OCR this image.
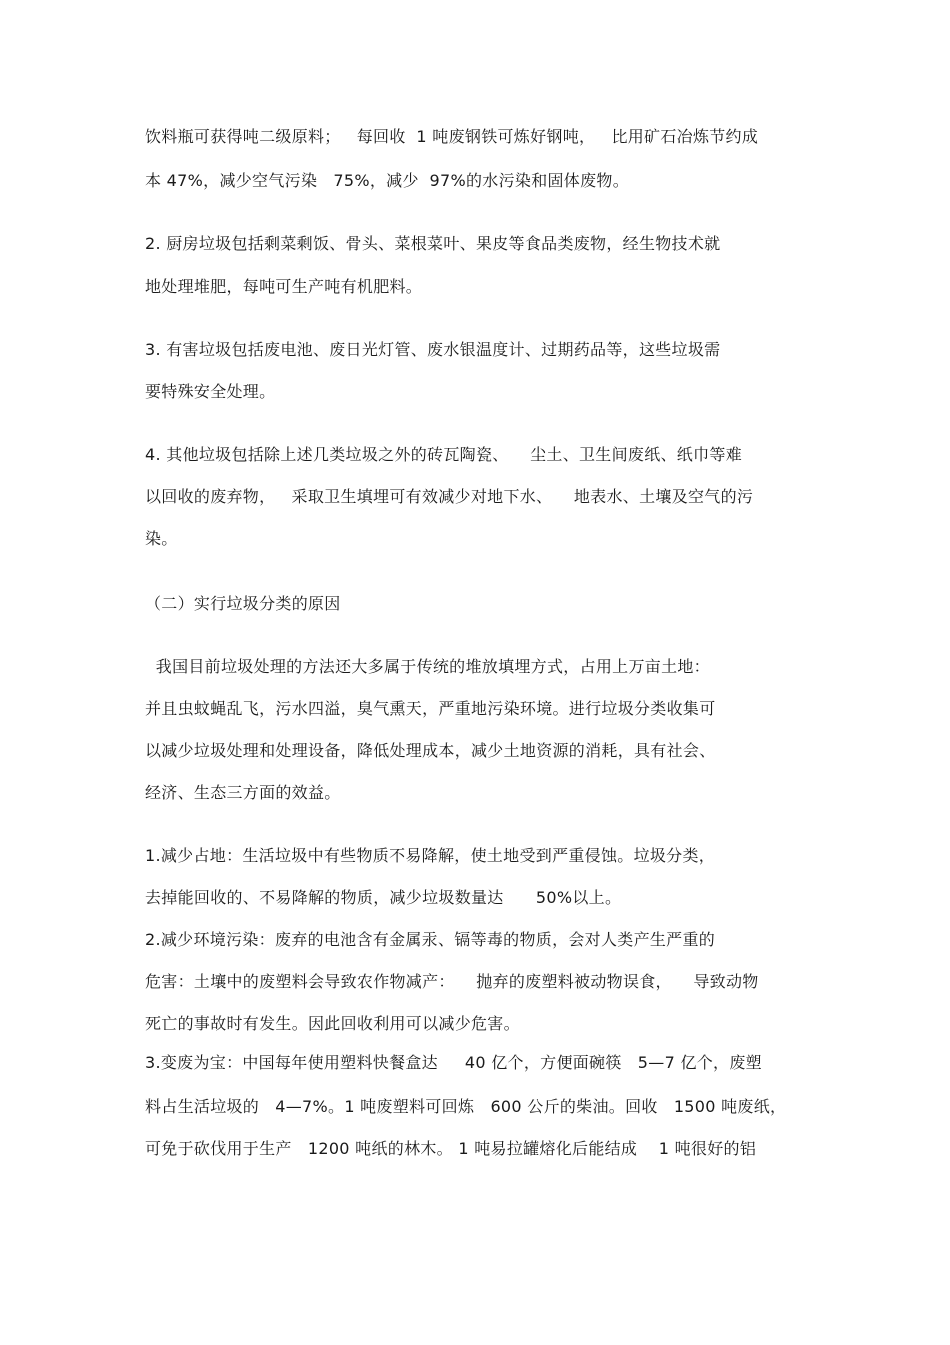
饮料瓶可获得吨二级原料；   每回收  1 吨废钢铁可炼好钢吨，   比用矿石冶炼节约成
本 47%，减少空气污染   75%，减少  97%的水污染和固体废物。
2. 厨房垃圾包括剩菜剩饭、骨头、菜根菜叶、果皮等食品类废物，经生物技术就
地处理堆肥，每吨可生产吨有机肥料。
3. 有害垃圾包括废电池、废日光灯管、废水银温度计、过期药品等，这些垃圾需
要特殊安全处理。
4. 其他垃圾包括除上述几类垃圾之外的砖瓦陶瓷、    尘土、卫生间废纸、纸巾等难
以回收的废弃物，   采取卫生填埋可有效减少对地下水、    地表水、土壤及空气的污
染。
（二）实行垃圾分类的原因
我国目前垃圾处理的方法还大多属于传统的堆放填埋方式，占用上万亩土地：
并且虫蚊蝇乱飞，污水四溢，臭气熏天，严重地污染环境。进行垃圾分类收集可
以减少垃圾处理和处理设备，降低处理成本，减少土地资源的消耗，具有社会、
经济、生态三方面的效益。
1.减少占地：生活垃圾中有些物质不易降解，使土地受到严重侵蚀。垃圾分类，
去掉能回收的、不易降解的物质，减少垃圾数量达      50%以上。
2.减少环境污染：废弃的电池含有金属汞、镉等毒的物质，会对人类产生严重的
危害：土壤中的废塑料会导致农作物减产：    抛弃的废塑料被动物误食，    导致动物
死亡的事故时有发生。因此回收利用可以减少危害。
3.变废为宝：中国每年使用塑料快餐盒达     40 亿个，方便面碗筷   5—7 亿个，废塑
料占生活垃圾的   4—7%。1 吨废塑料可回炼   600 公斤的柴油。回收   1500 吨废纸，
可免于砍伐用于生产   1200 吨纸的林木。 1 吨易拉罐熔化后能结成    1 吨很好的铝
